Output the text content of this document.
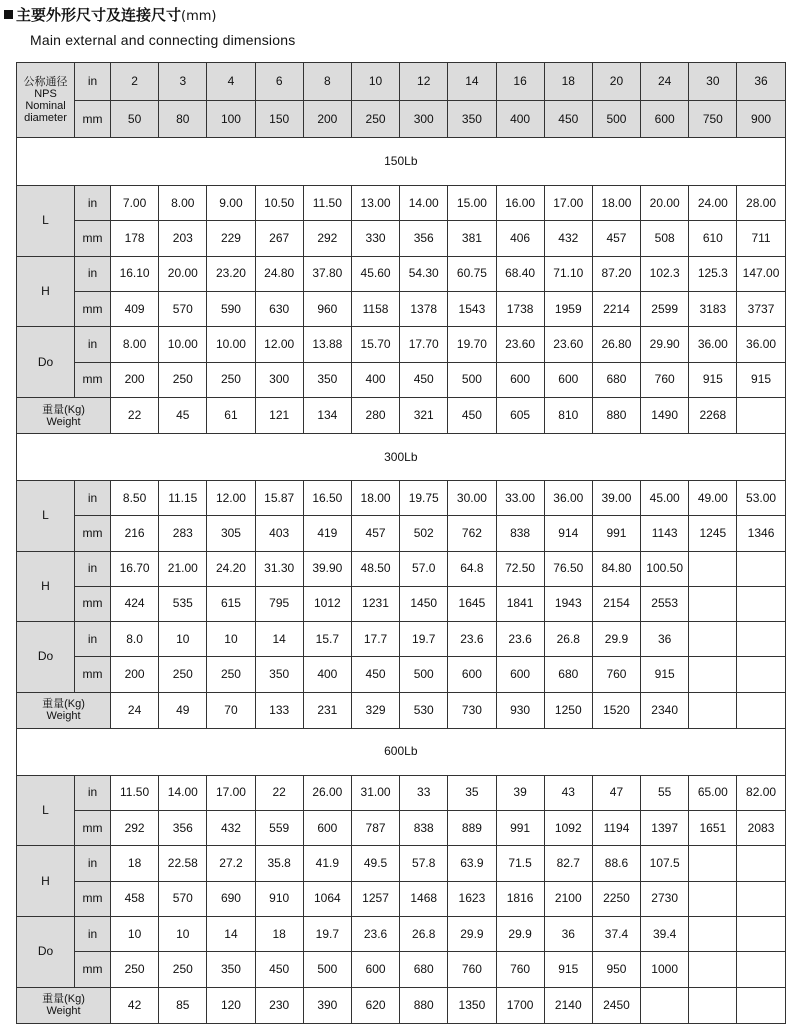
主要外形尺寸及连接尺寸(mm)
Main external and connecting dimensions
公称通径
NPS
Nominal
diameter	in	2	3	4	6	8	10	12	14	16	18	20	24	30	36
	mm	50	80	100	150	200	250	300	350	400	450	500	600	750	900
150Lb															
L	in	7.00	8.00	9.00	10.50	11.50	13.00	14.00	15.00	16.00	17.00	18.00	20.00	24.00	28.00
	mm	178	203	229	267	292	330	356	381	406	432	457	508	610	711
H	in	16.10	20.00	23.20	24.80	37.80	45.60	54.30	60.75	68.40	71.10	87.20	102.3	125.3	147.00
	mm	409	570	590	630	960	1158	1378	1543	1738	1959	2214	2599	3183	3737
Do	in	8.00	10.00	10.00	12.00	13.88	15.70	17.70	19.70	23.60	23.60	26.80	29.90	36.00	36.00
	mm	200	250	250	300	350	400	450	500	600	600	680	760	915	915
重量(Kg)
Weight		22	45	61	121	134	280	321	450	605	810	880	1490	2268	
300Lb															
L	in	8.50	11.15	12.00	15.87	16.50	18.00	19.75	30.00	33.00	36.00	39.00	45.00	49.00	53.00
	mm	216	283	305	403	419	457	502	762	838	914	991	1143	1245	1346
H	in	16.70	21.00	24.20	31.30	39.90	48.50	57.0	64.8	72.50	76.50	84.80	100.50		
	mm	424	535	615	795	1012	1231	1450	1645	1841	1943	2154	2553		
Do	in	8.0	10	10	14	15.7	17.7	19.7	23.6	23.6	26.8	29.9	36		
	mm	200	250	250	350	400	450	500	600	600	680	760	915		
重量(Kg)
Weight		24	49	70	133	231	329	530	730	930	1250	1520	2340		
600Lb															
L	in	11.50	14.00	17.00	22	26.00	31.00	33	35	39	43	47	55	65.00	82.00
	mm	292	356	432	559	600	787	838	889	991	1092	1194	1397	1651	2083
H	in	18	22.58	27.2	35.8	41.9	49.5	57.8	63.9	71.5	82.7	88.6	107.5		
	mm	458	570	690	910	1064	1257	1468	1623	1816	2100	2250	2730		
Do	in	10	10	14	18	19.7	23.6	26.8	29.9	29.9	36	37.4	39.4		
	mm	250	250	350	450	500	600	680	760	760	915	950	1000		
重量(Kg)
Weight		42	85	120	230	390	620	880	1350	1700	2140	2450			
